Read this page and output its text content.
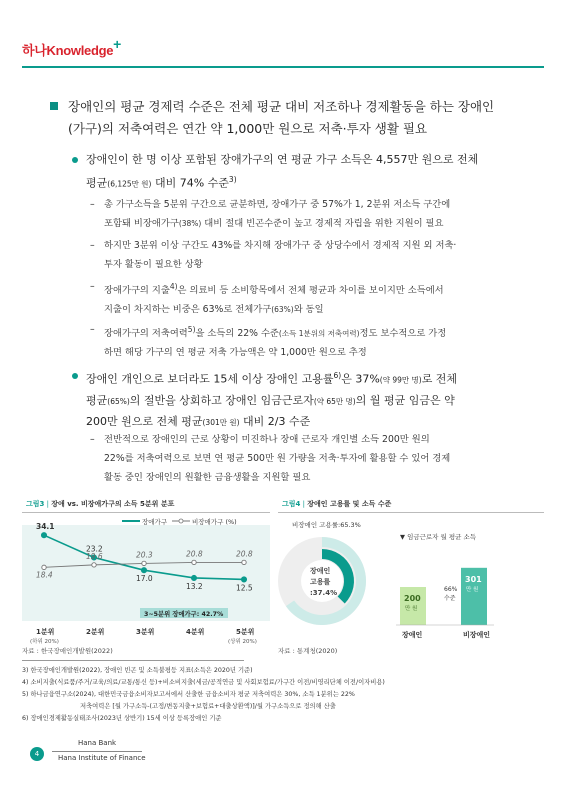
하나Knowledge+
장애인의 평균 경제력 수준은 전체 평균 대비 저조하나 경제활동을 하는 장애인
(가구)의 저축여력은 연간 약 1,000만 원으로 저축·투자 생활 필요
장애인이 한 명 이상 포함된 장애가구의 연 평균 가구 소득은 4,557만 원으로 전체
평균(6,125만 원) 대비 74% 수준$^{3)}$
– 총 가구소득을 5분위 구간으로 균분하면, 장애가구 중 57%가 1, 2분위 저소득 구간에
포함돼 비장애가구(38%) 대비 절대 빈곤수준이 높고 경제적 자립을 위한 지원이 필요
– 하지만 3분위 이상 구간도 43%를 차지해 장애가구 중 상당수에서 경제적 지원 외 저축·
투자 활동이 필요한 상황
– 장애가구의 지출$^{4)}$은 의료비 등 소비항목에서 전체 평균과 차이를 보이지만 소득에서
지출이 차지하는 비중은 63%로 전체가구(63%)와 동일
– 장애가구의 저축여력$^{5)}$을 소득의 22% 수준(소득 1분위의 저축여력)정도 보수적으로 가정
하면 해당 가구의 연 평균 저축 가능액은 약 1,000만 원으로 추정
장애인 개인으로 보더라도 15세 이상 장애인 고용률$^{6)}$은 37%(약 99만 명)로 전체
평균(65%)의 절반을 상회하고 장애인 임금근로자(약 65만 명)의 월 평균 임금은 약
200만 원으로 전체 평균(301만 원) 대비 2/3 수준
– 전반적으로 장애인의 근로 상황이 미진하나 장애 근로자 개인별 소득 200만 원의
22%를 저축여력으로 보면 연 평균 500만 원 가량을 저축·투자에 활용할 수 있어 경제
활동 중인 장애인의 원활한 금융생활을 지원할 필요
그림3 | 장애 vs. 비장애가구의 소득 5분위 분포
장애가구	비장애가구 (%)
34.1
23.2
17.0
13.2	12.5
18.4
19.6	20.3	20.8	20.8
3~5분위 장애가구: 42.7%
1분위	2분위	3분위	4분위	5분위
(하위 20%)	(상위 20%)
자료 : 한국장애인개발원(2022)
그림4 | 장애인 고용률 및 소득 수준
비장애인 고용률:65.3%
장애인
고용률
:37.4%
▼ 임금근로자 월 평균 소득
200
만 원
301
만 원
66%
수준
장애인	비장애인
자료 : 통계청(2020)
3) 한국장애인개발원(2022), 장애인 빈곤 및 소득불평등 지표(소득은 2020년 기준)
4) 소비지출(식료품/주거/교육/의료/교통/통신 등)+비소비지출(세금/공적연금 및 사회보험료/가구간 이전/비영리단체 이전/이자비용)
5) 하나금융연구소(2024), 대한민국금융소비자보고서에서 산출한 금융소비자 평균 저축여력은 30%, 소득 1분위는 22%
저축여력은 [월 가구소득-(고정/변동지출+보험료+대출상환액)]/월 가구소득으로 정의해 산출
6) 장애인경제활동실태조사(2023년 상반기) 15세 이상 등록장애인 기준
4
Hana Bank
Hana Institute of Finance
